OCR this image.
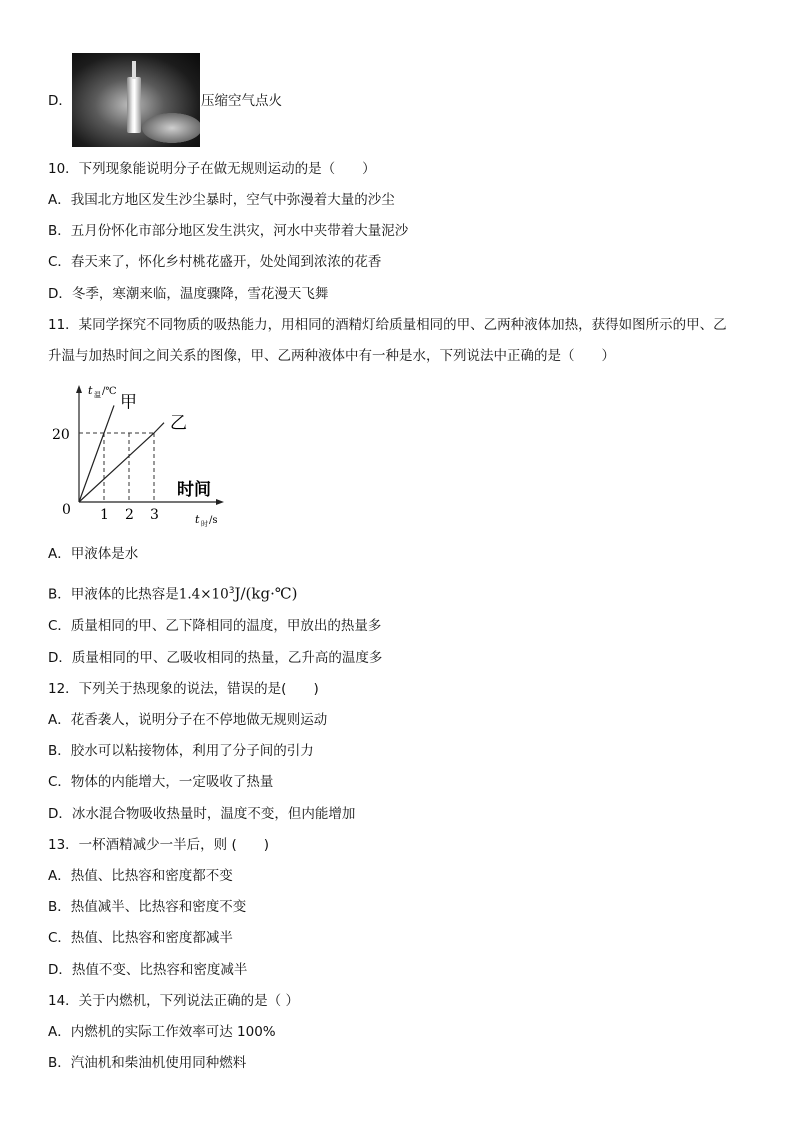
D．	压缩空气点火
10．下列现象能说明分子在做无规则运动的是（　　）
A．我国北方地区发生沙尘暴时，空气中弥漫着大量的沙尘
B．五月份怀化市部分地区发生洪灾，河水中夹带着大量泥沙
C．春天来了，怀化乡村桃花盛开，处处闻到浓浓的花香
D．冬季，寒潮来临，温度骤降，雪花漫天飞舞
11．某同学探究不同物质的吸热能力，用相同的酒精灯给质量相同的甲、乙两种液体加热，获得如图所示的甲、乙
升温与加热时间之间关系的图像，甲、乙两种液体中有一种是水，下列说法中正确的是（　　）
t 温 /℃
甲
乙
0
20
1 2 3
时间
t 时 /s
A．甲液体是水
B．甲液体的比热容是$1.4\times 10^3J/(kg\cdot℃)$
C．质量相同的甲、乙下降相同的温度，甲放出的热量多
D．质量相同的甲、乙吸收相同的热量，乙升高的温度多
12．下列关于热现象的说法，错误的是(　　)
A．花香袭人，说明分子在不停地做无规则运动
B．胶水可以粘接物体，利用了分子间的引力
C．物体的内能增大，一定吸收了热量
D．冰水混合物吸收热量时，温度不变，但内能增加
13．一杯酒精减少一半后，则 (　　)
A．热值、比热容和密度都不变
B．热值减半、比热容和密度不变
C．热值、比热容和密度都减半
D．热值不变、比热容和密度减半
14．关于内燃机，下列说法正确的是（ ）
A．内燃机的实际工作效率可达 100%
B．汽油机和柴油机使用同种燃料
